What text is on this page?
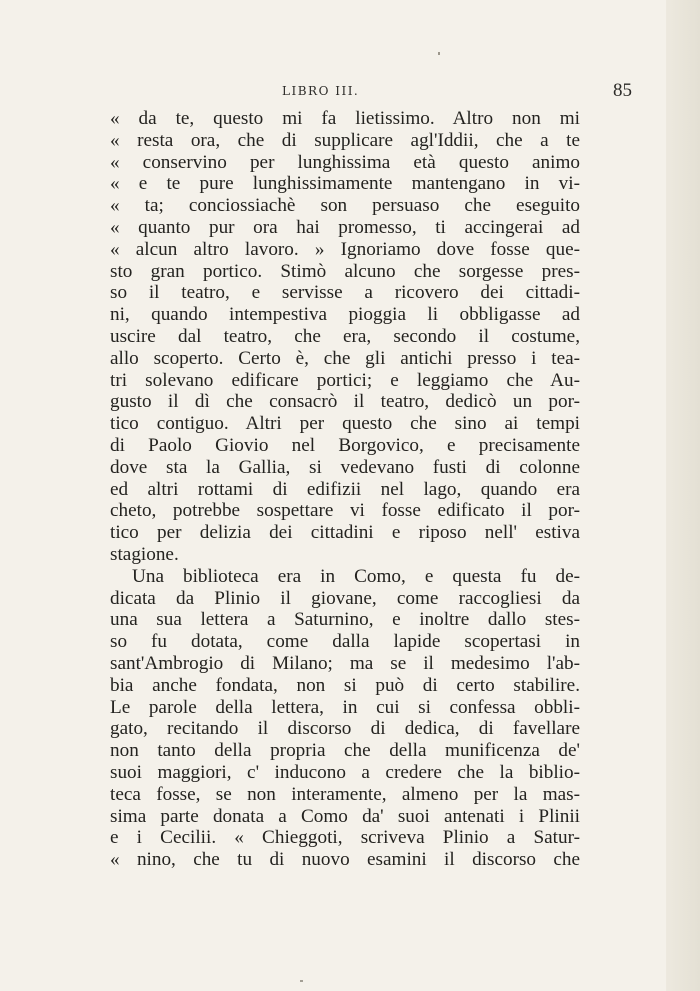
LIBRO III.	85
« da te, questo mi fa lietissimo. Altro non mi
« resta ora, che di supplicare agl'Iddii, che a te
« conservino per lunghissima età questo animo
« e te pure lunghissimamente mantengano in vi-
« ta; conciossiachè son persuaso che eseguito
« quanto pur ora hai promesso, ti accingerai ad
« alcun altro lavoro. » Ignoriamo dove fosse que-
sto gran portico. Stimò alcuno che sorgesse pres-
so il teatro, e servisse a ricovero dei cittadi-
ni, quando intempestiva pioggia li obbligasse ad
uscire dal teatro, che era, secondo il costume,
allo scoperto. Certo è, che gli antichi presso i tea-
tri solevano edificare portici; e leggiamo che Au-
gusto il dì che consacrò il teatro, dedicò un por-
tico contiguo. Altri per questo che sino ai tempi
di Paolo Giovio nel Borgovico, e precisamente
dove sta la Gallia, si vedevano fusti di colonne
ed altri rottami di edifizii nel lago, quando era
cheto, potrebbe sospettare vi fosse edificato il por-
tico per delizia dei cittadini e riposo nell' estiva
stagione.
Una biblioteca era in Como, e questa fu de-
dicata da Plinio il giovane, come raccogliesi da
una sua lettera a Saturnino, e inoltre dallo stes-
so fu dotata, come dalla lapide scopertasi in
sant'Ambrogio di Milano; ma se il medesimo l'ab-
bia anche fondata, non si può di certo stabilire.
Le parole della lettera, in cui si confessa obbli-
gato, recitando il discorso di dedica, di favellare
non tanto della propria che della munificenza de'
suoi maggiori, c' inducono a credere che la biblio-
teca fosse, se non interamente, almeno per la mas-
sima parte donata a Como da' suoi antenati i Plinii
e i Cecilii. « Chieggoti, scriveva Plinio a Satur-
« nino, che tu di nuovo esamini il discorso che
